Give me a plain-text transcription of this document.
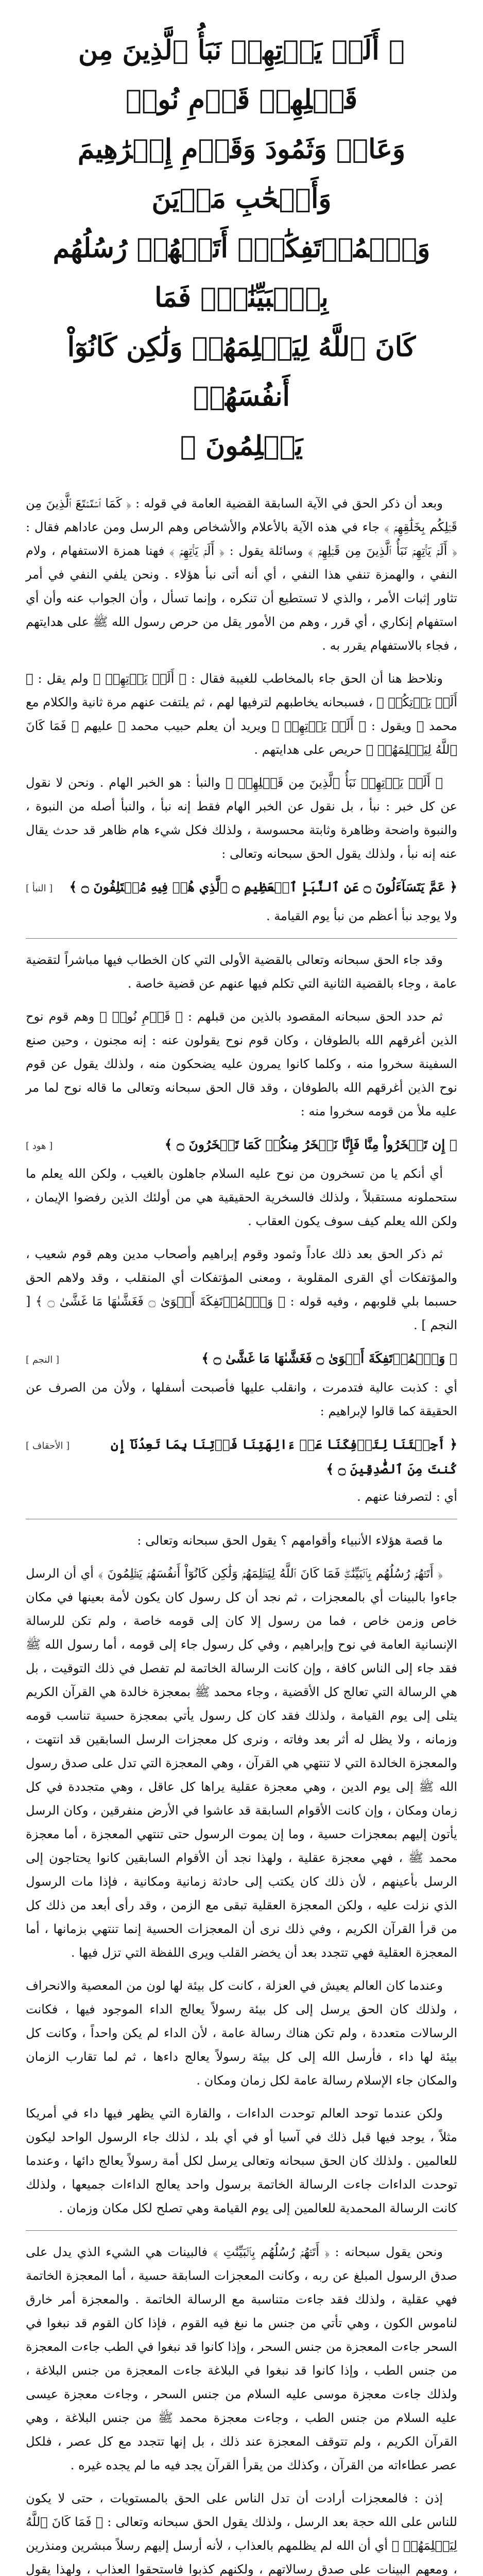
﴿ أَلَمۡ يَأۡتِهِمۡ نَبَأُ ٱلَّذِينَ مِن قَبۡلِهِمۡ قَوۡمِ نُوحٖ
وَعَادٖ وَثَمُودَ وَقَوۡمِ إِبۡرَٰهِيمَ وَأَصۡحَٰبِ مَدۡيَنَ
وَٱلۡمُؤۡتَفِكَٰتِۚ أَتَتۡهُمۡ رُسُلُهُم بِٱلۡبَيِّنَٰتِۖ فَمَا
كَانَ ٱللَّهُ لِيَظۡلِمَهُمۡ وَلَٰكِن كَانُوٓاْ أَنفُسَهُمۡ
يَظۡلِمُونَ ﴾

وبعد أن ذكر الحق في الآية السابقة القضية العامة في قوله : ﴿ كَمَا ٱسۡتَمۡتَعَ ٱلَّذِينَ مِن قَبۡلِكُم بِخَلَٰقِهِمۡ ﴾ جاء في هذه الآية بالأعلام والأشخاص وهم الرسل ومن عاداهم فقال : ﴿ أَلَمۡ يَأۡتِهِمۡ نَبَأُ ٱلَّذِينَ مِن قَبۡلِهِمۡ ﴾ وسائلة يقول : ﴿ أَلَمۡ يَأۡتِهِمۡ ﴾ فهنا همزة الاستفهام ، ولام النفي ، والهمزة تنفي هذا النفي ، أي أنه أتى نبأ هؤلاء . ونحن يلفي النفي في أمر تثاور إثبات الأمر ، والذي لا تستطيع أن تنكره ، وإنما تسأل ، وأن الجواب عنه وأن أي استفهام إنكاري ، أي قرر ، وهم من الأمور يقل من حرص رسول الله ﷺ على هدايتهم ، فجاء بالاستفهام يقرر به .

ونلاحظ هنا أن الحق جاء بالمخاطب للغيبة فقال : ﴿ أَلَمۡ يَأۡتِهِمۡ ﴾ ولم يقل : ﴿ أَلَمۡ يَأۡتِكُمۡ ﴾ ، فسبحانه يخاطبهم لترفيها لهم ، ثم يلتفت عنهم مرة ثانية والكلام مع محمد ﷺ ويقول : ﴿ أَلَمۡ يَأۡتِهِمۡ ﴾ ويريد أن يعلم حبيب محمد ﷺ عليهم ﴿ فَمَا كَانَ ٱللَّهُ لِيَظۡلِمَهُمۡ ﴾ حريص على هدايتهم .

﴿ أَلَمۡ يَأۡتِهِمۡ نَبَأُ ٱلَّذِينَ مِن قَبۡلِهِمۡ ﴾ والنبأ : هو الخبر الهام . ونحن لا نقول عن كل خبر : نبأ ، بل نقول عن الخبر الهام فقط إنه نبأ ، والنبأ أصله من النبوة ، والنبوة واضحة وظاهرة وثابتة محسوسة ، ولذلك فكل شيء هام ظاهر قد حدث يقال عنه إنه نبأ ، ولذلك يقول الحق سبحانه وتعالى :

﴿ عَمَّ يَتَسَآءَلُونَ ۝ عَنِ ٱلنَّبَإِ ٱلۡعَظِيمِ ۝ ٱلَّذِي هُمۡ فِيهِ مُخۡتَلِفُونَ ۝ ﴾
[ النبأ ]

ولا يوجد نبأ أعظم من نبأ يوم القيامة .

وقد جاء الحق سبحانه وتعالى بالقضية الأولى التي كان الخطاب فيها مباشراً لتقضية عامة ، وجاء بالقضية الثانية التي تكلم فيها عنهم عن قضية خاصة .

ثم حدد الحق سبحانه المقصود بالذين من قبلهم : ﴿ قَوۡمِ نُوحٖ ﴾ وهم قوم نوح الذين أغرقهم الله بالطوفان ، وكان قوم نوح يقولون عنه : إنه مجنون ، وحين صنع السفينة سخروا منه ، وكلما كانوا يمرون عليه يضحكون منه ، ولذلك يقول عن قوم نوح الذين أغرقهم الله بالطوفان ، وقد قال الحق سبحانه وتعالى ما قاله نوح لما مر عليه ملأ من قومه سخروا منه :

﴿ إِن تَسۡخَرُواْ مِنَّا فَإِنَّا نَسۡخَرُ مِنكُمۡ كَمَا تَسۡخَرُونَ ۝ ﴾
[ هود ]

أي أنكم يا من تسخرون من نوح عليه السلام جاهلون بالغيب ، ولكن الله يعلم ما ستحملونه مستقبلاً ، ولذلك فالسخرية الحقيقية هي من أولئك الذين رفضوا الإيمان ، ولكن الله يعلم كيف سوف يكون العقاب .

ثم ذكر الحق بعد ذلك عاداً وثمود وقوم إبراهيم وأصحاب مدين وهم قوم شعيب ، والمؤتفكات أي القرى المقلوبة ، ومعنى المؤتفكات أي المنقلب ، وقد ولاهم الحق حسبما بلي قلوبهم ، وفيه قوله : ﴿ وَٱلۡمُؤۡتَفِكَةَ أَهۡوَىٰ ۝ فَغَشَّىٰهَا مَا غَشَّىٰ ۝ ﴾ [ النجم ] .

﴿ وَٱلۡمُؤۡتَفِكَةَ أَهۡوَىٰ ۝ فَغَشَّىٰهَا مَا غَشَّىٰ ۝ ﴾
[ النجم ]

أي : كذبت عالية فتدمرت ، وانقلب عليها فأصبحت أسفلها ، ولأن من الصرف عن الحقيقة كما قالوا لإبراهيم :

﴿ أَجِئۡتَنَا لِتَأۡفِكَنَا عَنۡ ءَالِهَتِنَا فَأۡتِنَا بِمَا تَعِدُنَآ إِن كُنتَ مِنَ ٱلصَّٰدِقِينَ ۝ ﴾
[ الأحقاف ]

أي : لتصرفنا عنهم .

ما قصة هؤلاء الأنبياء وأقوامهم ؟ يقول الحق سبحانه وتعالى :

﴿ أَتَتۡهُمۡ رُسُلُهُم بِٱلۡبَيِّنَٰتِۖ فَمَا كَانَ ٱللَّهُ لِيَظۡلِمَهُمۡ وَلَٰكِن كَانُوٓاْ أَنفُسَهُمۡ يَظۡلِمُونَ ﴾ أي أن الرسل جاءوا بالبينات أي بالمعجزات ، ثم نجد أن كل رسول كان يكون لأمة بعينها في مكان خاص وزمن خاص ، فما من رسول إلا كان إلى قومه خاصة ، ولم تكن للرسالة الإنسانية العامة في نوح وإبراهيم ، وفي كل رسول جاء إلى قومه ، أما رسول الله ﷺ فقد جاء إلى الناس كافة ، وإن كانت الرسالة الخاتمة لم تفصل في ذلك التوقيت ، بل هي الرسالة التي تعالج كل الأقضية ، وجاء محمد ﷺ بمعجزة خالدة هي القرآن الكريم يتلى إلى يوم القيامة ، ولذلك فقد كان كل رسول يأتي بمعجزة حسية تناسب قومه وزمانه ، ولا يظل له أثر بعد وفاته ، ونرى كل معجزات الرسل السابقين قد انتهت ، والمعجزة الخالدة التي لا تنتهي هي القرآن ، وهي المعجزة التي تدل على صدق رسول الله ﷺ إلى يوم الدين ، وهي معجزة عقلية يراها كل عاقل ، وهي متجددة في كل زمان ومكان ، وإن كانت الأقوام السابقة قد عاشوا في الأرض منفرقين ، وكان الرسل يأتون إليهم بمعجزات حسية ، وما إن يموت الرسول حتى تنتهي المعجزة ، أما معجزة محمد ﷺ ، فهي معجزة عقلية ، ولهذا نجد أن الأقوام السابقين كانوا يحتاجون إلى الرسل بأعينهم ، لأن ذلك كان يكتب إلى حادثة زمانية ومكانية ، فإذا مات الرسول الذي نزلت عليه ، ولكن المعجزة العقلية تبقى مع الزمن ، وقد رأى أبعد من ذلك كل من قرأ القرآن الكريم ، وفي ذلك نرى أن المعجزات الحسية إنما تنتهي بزمانها ، أما المعجزة العقلية فهي تتجدد بعد أن يخضر القلب ويرى اللفظة التي تزل فيها .

وعندما كان العالم يعيش في العزلة ، كانت كل بيئة لها لون من المعصية والانحراف ، ولذلك كان الحق يرسل إلى كل بيئة رسولاً يعالج الداء الموجود فيها ، فكانت الرسالات متعددة ، ولم تكن هناك رسالة عامة ، لأن الداء لم يكن واحداً ، وكانت كل بيئة لها داء ، فأرسل الله إلى كل بيئة رسولاً يعالج داءها ، ثم لما تقارب الزمان والمكان جاء الإسلام رسالة عامة لكل زمان ومكان .

ولكن عندما توحد العالم توحدت الداءات ، والقارة التي يظهر فيها داء في أمريكا مثلاً ، يوجد فيها قبل ذلك في آسيا أو في أي بلد ، لذلك جاء الرسول الواحد ليكون للعالمين . ولذلك كان الحق سبحانه وتعالى يرسل لكل أمة رسولاً يعالج دائها ، وعندما توحدت الداءات جاءت الرسالة الخاتمة برسول واحد يعالج الداءات جميعها ، ولذلك كانت الرسالة المحمدية للعالمين إلى يوم القيامة وهي تصلح لكل مكان وزمان .

ونحن يقول سبحانه : ﴿ أَتَتۡهُمۡ رُسُلُهُم بِٱلۡبَيِّنَٰتِ ﴾ فالبينات هي الشيء الذي يدل على صدق الرسول المبلغ عن ربه ، وكانت المعجزات السابقة حسية ، أما المعجزة الخاتمة فهي عقلية ، ولذلك فقد جاءت متناسبة مع الرسالة الخاتمة . والمعجزة أمر خارق لناموس الكون ، وهي تأتي من جنس ما نبغ فيه القوم ، فإذا كان القوم قد نبغوا في السحر جاءت المعجزة من جنس السحر ، وإذا كانوا قد نبغوا في الطب جاءت المعجزة من جنس الطب ، وإذا كانوا قد نبغوا في البلاغة جاءت المعجزة من جنس البلاغة ، ولذلك جاءت معجزة موسى عليه السلام من جنس السحر ، وجاءت معجزة عيسى عليه السلام من جنس الطب ، وجاءت معجزة محمد ﷺ من جنس البلاغة ، وهي القرآن الكريم ، ولم تتوقف المعجزة عند ذلك ، بل إنها تتجدد مع كل عصر ، فلكل عصر عطاءاته من القرآن ، وكذلك من يقرأ القرآن يجد فيه ما لم يجده غيره .

إذن : فالمعجزات أرادت أن تدل الناس على الحق بالمستويات ، حتى لا يكون للناس على الله حجة بعد الرسل ، ولذلك يقول الحق سبحانه وتعالى : ﴿ فَمَا كَانَ ٱللَّهُ لِيَظۡلِمَهُمۡ ﴾ أي أن الله لم يظلمهم بالعذاب ، لأنه أرسل إليهم رسلاً مبشرين ومنذرين ، ومعهم البينات على صدق رسالاتهم ، ولكنهم كذبوا فاستحقوا العذاب ، ولهذا يقول
